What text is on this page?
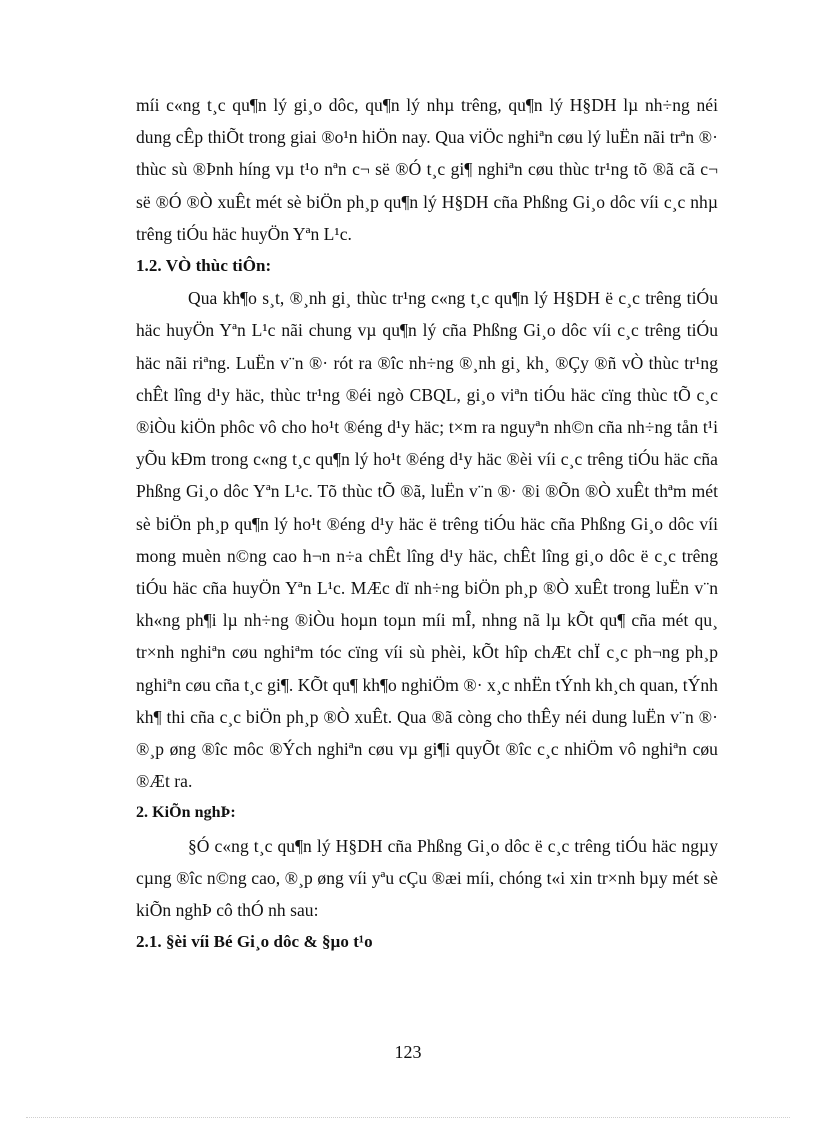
míi c«ng t¸c qu¶n lý gi¸o dôc, qu¶n lý nhµ trêng, qu¶n lý H§DH lµ nh÷ng néi dung cÊp thiÕt trong giai ®o¹n hiÖn nay. Qua viÖc nghiªn cøu lý luËn nãi trªn ®· thùc sù ®Þnh híng vµ t¹o nªn c¬ së ®Ó t¸c gi¶ nghiªn cøu thùc tr¹ng tõ ®ã cã c¬ së ®Ó ®Ò xuÊt mét sè biÖn ph¸p qu¶n lý H§DH cña Phßng Gi¸o dôc víi c¸c nhµ trêng tiÓu häc huyÖn Yªn L¹c.

1.2. VÒ thùc tiÔn:

Qua kh¶o s¸t, ®¸nh gi¸ thùc tr¹ng c«ng t¸c qu¶n lý H§DH ë c¸c trêng tiÓu häc huyÖn Yªn L¹c nãi chung vµ qu¶n lý cña Phßng Gi¸o dôc víi c¸c trêng tiÓu häc nãi riªng. LuËn v¨n ®· rót ra ®îc nh÷ng ®¸nh gi¸ kh¸ ®Çy ®ñ vÒ thùc tr¹ng chÊt lîng d¹y häc, thùc tr¹ng ®éi ngò CBQL, gi¸o viªn tiÓu häc cïng thùc tÕ c¸c ®iÒu kiÖn phôc vô cho ho¹t ®éng d¹y häc; t×m ra nguyªn nh©n cña nh÷ng tån t¹i yÕu kÐm trong c«ng t¸c qu¶n lý ho¹t ®éng d¹y häc ®èi víi c¸c trêng tiÓu häc cña Phßng Gi¸o dôc Yªn L¹c. Tõ thùc tÕ ®ã, luËn v¨n ®· ®i ®Õn ®Ò xuÊt thªm mét sè biÖn ph¸p qu¶n lý ho¹t ®éng d¹y häc ë trêng tiÓu häc cña Phßng Gi¸o dôc víi mong muèn n©ng cao h¬n n÷a chÊt lîng d¹y häc, chÊt lîng gi¸o dôc ë c¸c trêng tiÓu häc cña huyÖn Yªn L¹c. MÆc dï nh÷ng biÖn ph¸p ®Ò xuÊt trong luËn v¨n kh«ng ph¶i lµ nh÷ng ®iÒu hoµn toµn míi mÎ, nhng nã lµ kÕt qu¶ cña mét qu¸ tr×nh nghiªn cøu nghiªm tóc cïng víi sù phèi, kÕt hîp chÆt chÏ c¸c ph¬ng ph¸p nghiªn cøu cña t¸c gi¶. KÕt qu¶ kh¶o nghiÖm ®· x¸c nhËn tÝnh kh¸ch quan, tÝnh kh¶ thi cña c¸c biÖn ph¸p ®Ò xuÊt. Qua ®ã còng cho thÊy néi dung luËn v¨n ®· ®¸p øng ®îc môc ®Ých nghiªn cøu vµ gi¶i quyÕt ®îc c¸c nhiÖm vô nghiªn cøu ®Æt ra.

2. KiÕn nghÞ:

§Ó c«ng t¸c qu¶n lý H§DH cña Phßng Gi¸o dôc ë c¸c trêng tiÓu häc ngµy cµng ®îc n©ng cao, ®¸p øng víi yªu cÇu ®æi míi, chóng t«i xin tr×nh bµy mét sè kiÕn nghÞ cô thÓ nh sau:

2.1. §èi víi Bé Gi¸o dôc & §µo t¹o

123
